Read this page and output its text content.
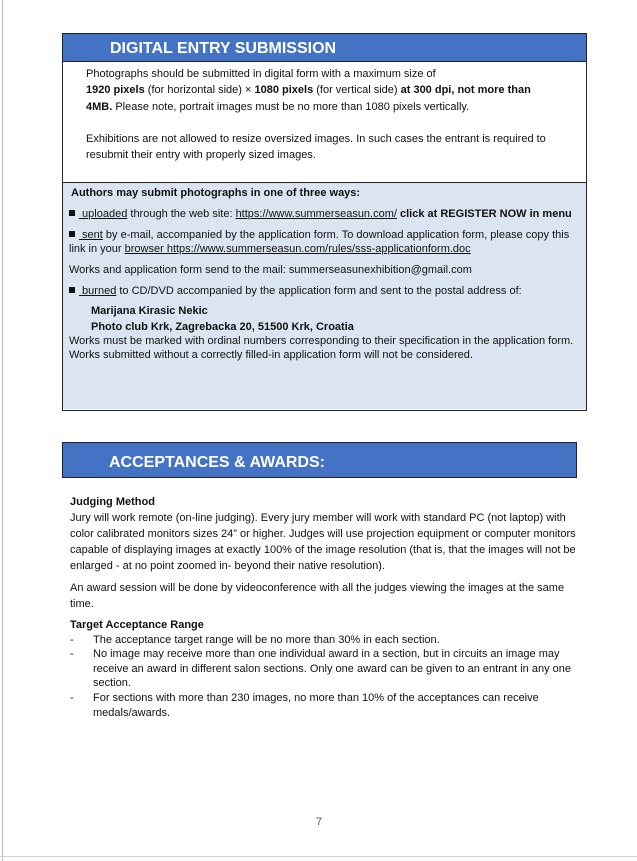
DIGITAL ENTRY SUBMISSION

Photographs should be submitted in digital form with a maximum size of
1920 pixels (for horizontal side) × 1080 pixels (for vertical side) at 300 dpi, not more than
4MB. Please note, portrait images must be no more than 1080 pixels vertically.

Exhibitions are not allowed to resize oversized images. In such cases the entrant is required to resubmit their entry with properly sized images.

Authors may submit photographs in one of three ways:
uploaded through the web site: https://www.summerseasun.com/ click at REGISTER NOW in menu
sent by e-mail, accompanied by the application form. To download application form, please copy this link in your browser https://www.summerseasun.com/rules/sss-applicationform.doc
Works and application form send to the mail: summerseasunexhibition@gmail.com
burned to CD/DVD accompanied by the application form and sent to the postal address of:
Marijana Kirasic Nekic
Photo club Krk, Zagrebacka 20, 51500 Krk, Croatia
Works must be marked with ordinal numbers corresponding to their specification in the application form. Works submitted without a correctly filled-in application form will not be considered.
ACCEPTANCES & AWARDS:

Judging Method

Jury will work remote (on-line judging). Every jury member will work with standard PC (not laptop) with color calibrated monitors sizes 24” or higher. Judges will use projection equipment or computer monitors capable of displaying images at exactly 100% of the image resolution (that is, that the images will not be enlarged - at no point zoomed in- beyond their native resolution).

An award session will be done by videoconference with all the judges viewing the images at the same time.

Target Acceptance Range
-	The acceptance target range will be no more than 30% in each section.
-	No image may receive more than one individual award in a section, but in circuits an image may receive an award in different salon sections. Only one award can be given to an entrant in any one section.
-	For sections with more than 230 images, no more than 10% of the acceptances can receive medals/awards.
7
